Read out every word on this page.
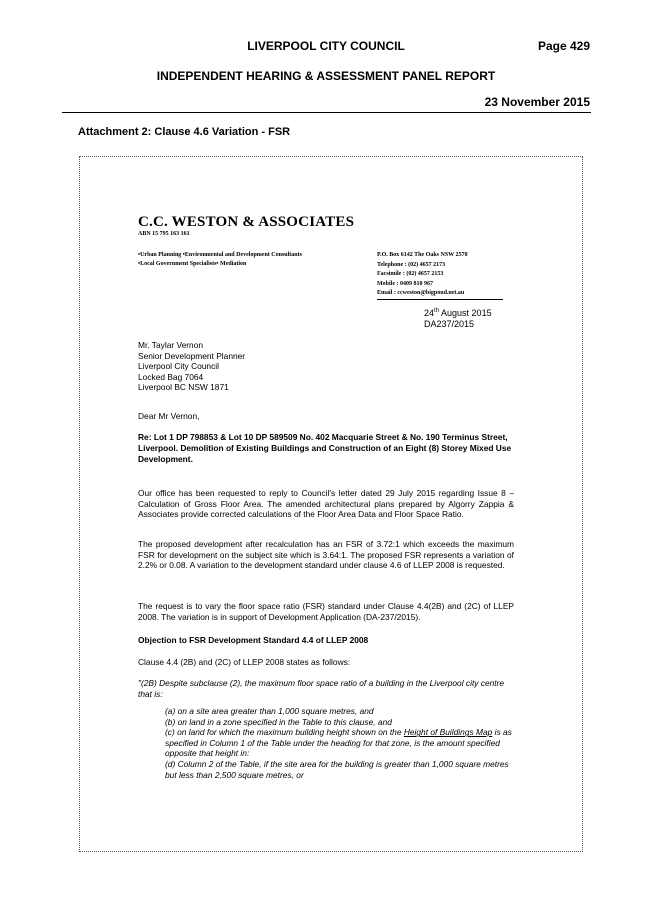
LIVERPOOL CITY COUNCIL	Page 429
INDEPENDENT HEARING & ASSESSMENT PANEL REPORT
23 November 2015
Attachment 2: Clause 4.6 Variation - FSR
C.C. WESTON & ASSOCIATES
ABN 15 795 163 161
•Urban Planning •Environmental and Development Consultants
•Local Government Specialists• Mediation
P.O. Box 6142 The Oaks NSW 2570
Telephone : (02) 4657 2173
Facsimile : (02) 4657 2153
Mobile : 0409 810 967
Email : ccweston@bigpond.net.au
24th August 2015
DA237/2015
Mr. Taylar Vernon
Senior Development Planner
Liverpool City Council
Locked Bag 7064
Liverpool BC NSW 1871
Dear Mr Vernon,
Re: Lot 1 DP 798853 & Lot 10 DP 589509 No. 402 Macquarie Street & No. 190 Terminus Street, Liverpool. Demolition of Existing Buildings and Construction of an Eight (8) Storey Mixed Use Development.
Our office has been requested to reply to Council's letter dated 29 July 2015 regarding Issue 8 – Calculation of Gross Floor Area. The amended architectural plans prepared by Algorry Zappia & Associates provide corrected calculations of the Floor Area Data and Floor Space Ratio.
The proposed development after recalculation has an FSR of 3.72:1 which exceeds the maximum FSR for development on the subject site which is 3.64:1. The proposed FSR represents a variation of 2.2% or 0.08. A variation to the development standard under clause 4.6 of LLEP 2008 is requested.
The request is to vary the floor space ratio (FSR) standard under Clause 4.4(2B) and (2C) of LLEP 2008. The variation is in support of Development Application (DA-237/2015).
Objection to FSR Development Standard 4.4 of LLEP 2008
Clause 4.4 (2B) and (2C) of LLEP 2008 states as follows:
"(2B) Despite subclause (2), the maximum floor space ratio of a building in the Liverpool city centre that is:
(a) on a site area greater than 1,000 square metres, and
(b) on land in a zone specified in the Table to this clause, and
(c) on land for which the maximum building height shown on the Height of Buildings Map is as specified in Column 1 of the Table under the heading for that zone, is the amount specified opposite that height in:
(d) Column 2 of the Table, if the site area for the building is greater than 1,000 square metres but less than 2,500 square metres, or
